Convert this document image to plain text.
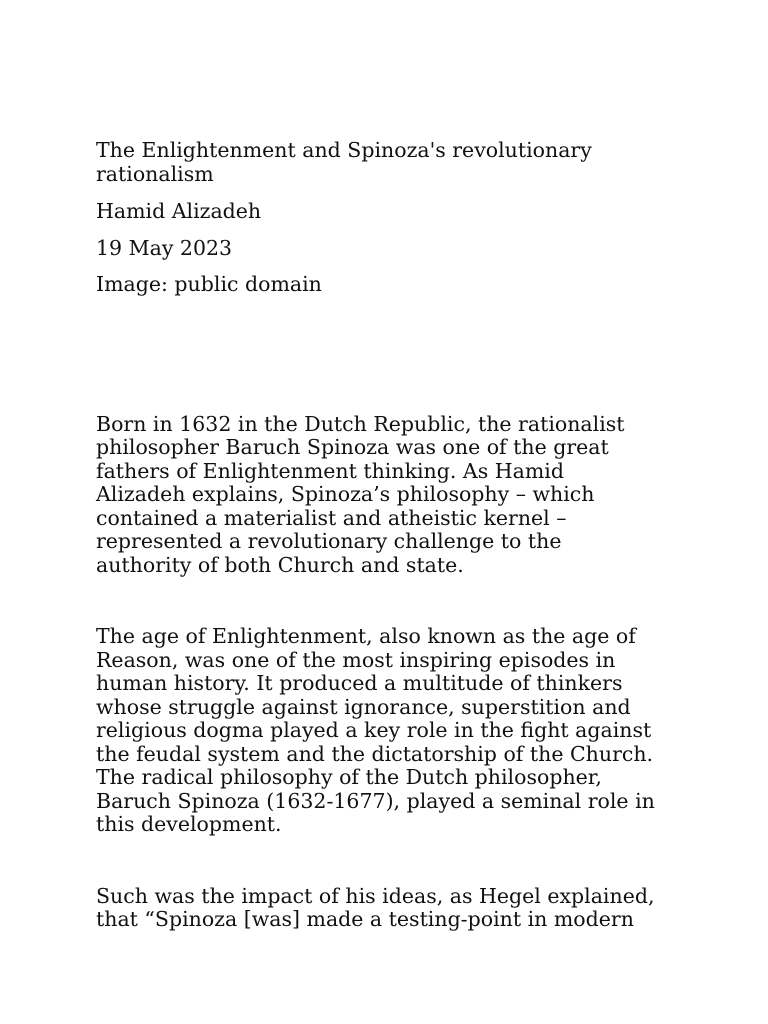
The Enlightenment and Spinoza's revolutionary rationalism

Hamid Alizadeh

19 May 2023

Image: public domain

Born in 1632 in the Dutch Republic, the rationalist philosopher Baruch Spinoza was one of the great fathers of Enlightenment thinking. As Hamid Alizadeh explains, Spinoza’s philosophy – which contained a materialist and atheistic kernel – represented a revolutionary challenge to the authority of both Church and state.

The age of Enlightenment, also known as the age of Reason, was one of the most inspiring episodes in human history. It produced a multitude of thinkers whose struggle against ignorance, superstition and religious dogma played a key role in the fight against the feudal system and the dictatorship of the Church. The radical philosophy of the Dutch philosopher, Baruch Spinoza (1632-1677), played a seminal role in this development.

Such was the impact of his ideas, as Hegel explained, that “Spinoza [was] made a testing-point in modern
